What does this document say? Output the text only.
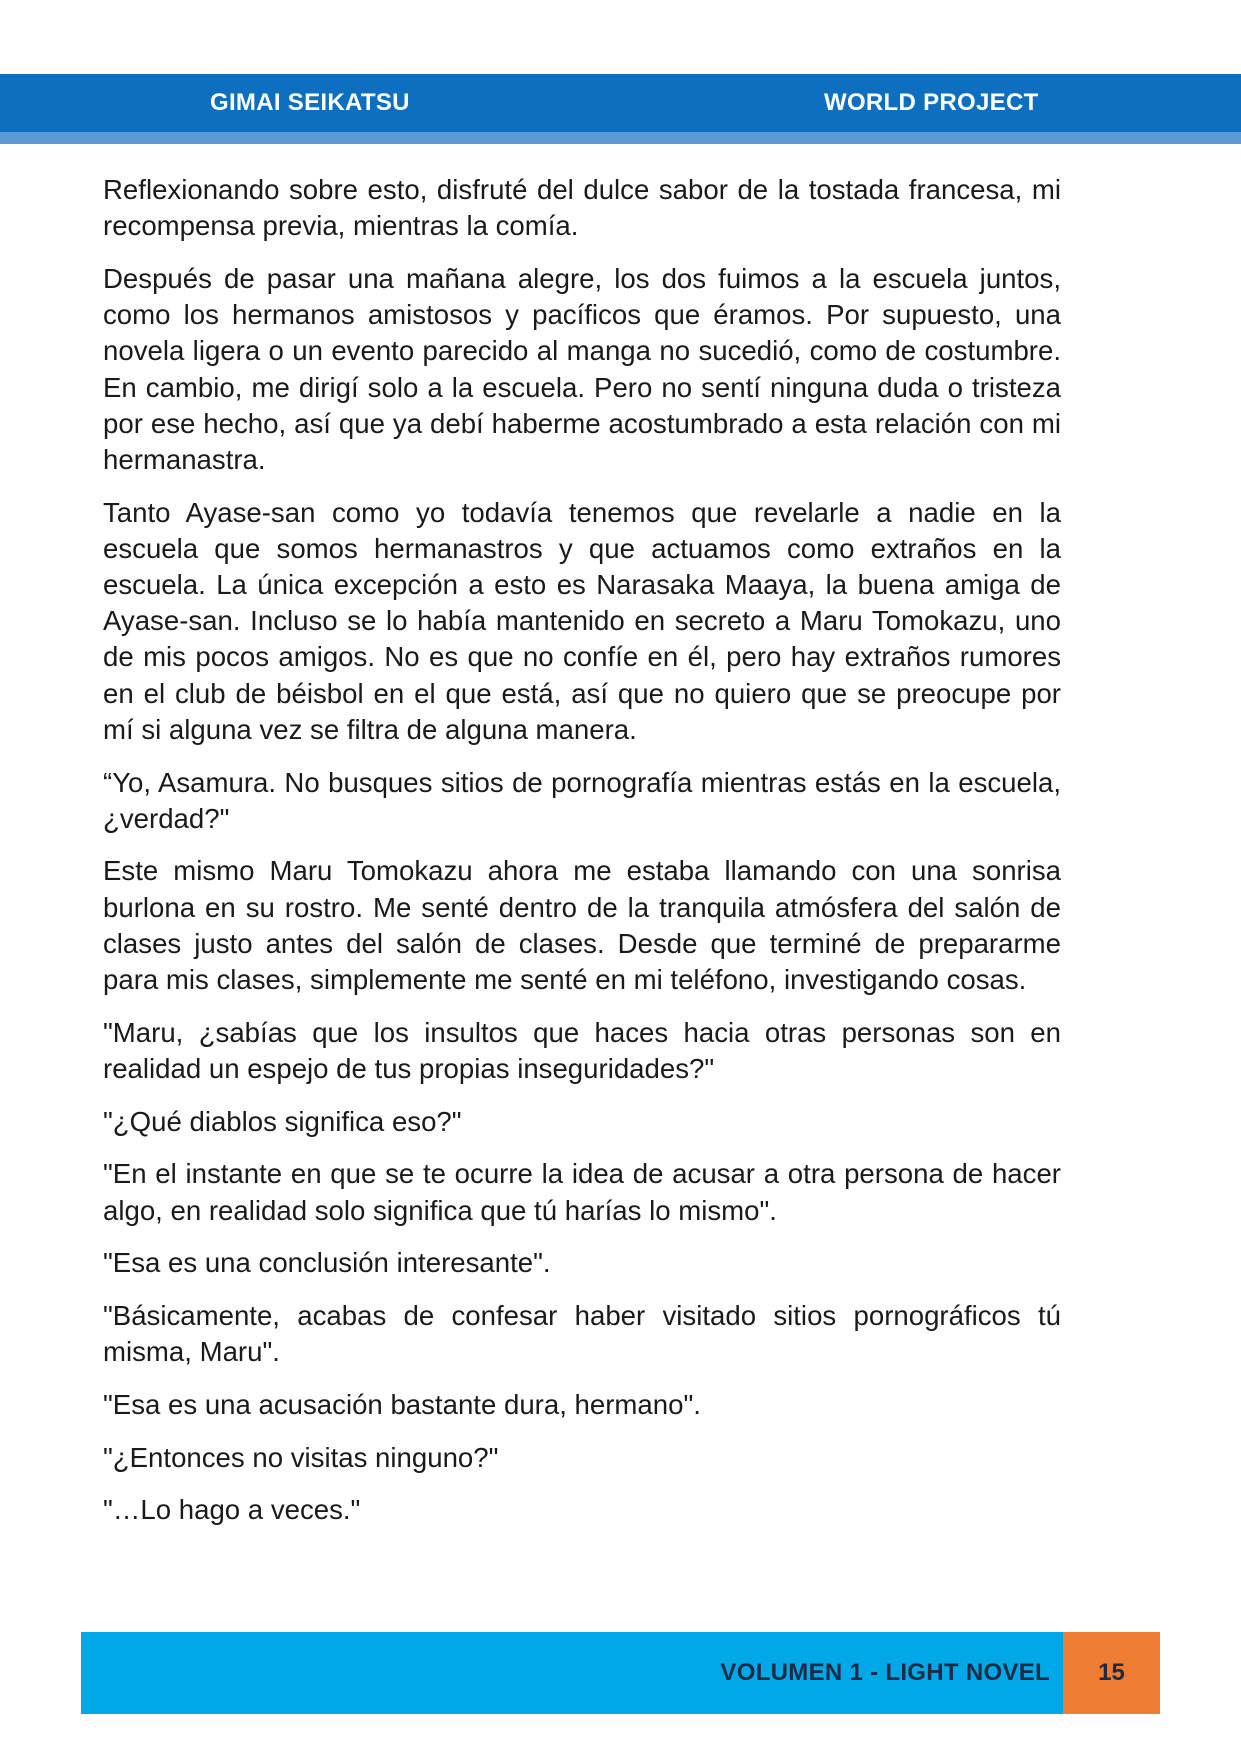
GIMAI SEIKATSU	WORLD PROJECT

Reflexionando sobre esto, disfruté del dulce sabor de la tostada francesa, mi recompensa previa, mientras la comía.

Después de pasar una mañana alegre, los dos fuimos a la escuela juntos, como los hermanos amistosos y pacíficos que éramos. Por supuesto, una novela ligera o un evento parecido al manga no sucedió, como de costumbre. En cambio, me dirigí solo a la escuela. Pero no sentí ninguna duda o tristeza por ese hecho, así que ya debí haberme acostumbrado a esta relación con mi hermanastra.

Tanto Ayase-san como yo todavía tenemos que revelarle a nadie en la escuela que somos hermanastros y que actuamos como extraños en la escuela. La única excepción a esto es Narasaka Maaya, la buena amiga de Ayase-san. Incluso se lo había mantenido en secreto a Maru Tomokazu, uno de mis pocos amigos. No es que no confíe en él, pero hay extraños rumores en el club de béisbol en el que está, así que no quiero que se preocupe por mí si alguna vez se filtra de alguna manera.

“Yo, Asamura. No busques sitios de pornografía mientras estás en la escuela, ¿verdad?"

Este mismo Maru Tomokazu ahora me estaba llamando con una sonrisa burlona en su rostro. Me senté dentro de la tranquila atmósfera del salón de clases justo antes del salón de clases. Desde que terminé de prepararme para mis clases, simplemente me senté en mi teléfono, investigando cosas.

"Maru, ¿sabías que los insultos que haces hacia otras personas son en realidad un espejo de tus propias inseguridades?"

"¿Qué diablos significa eso?"

"En el instante en que se te ocurre la idea de acusar a otra persona de hacer algo, en realidad solo significa que tú harías lo mismo".

"Esa es una conclusión interesante".

"Básicamente, acabas de confesar haber visitado sitios pornográficos tú misma, Maru".

"Esa es una acusación bastante dura, hermano".

"¿Entonces no visitas ninguno?"

"…Lo hago a veces."

VOLUMEN 1 - LIGHT NOVEL 15
